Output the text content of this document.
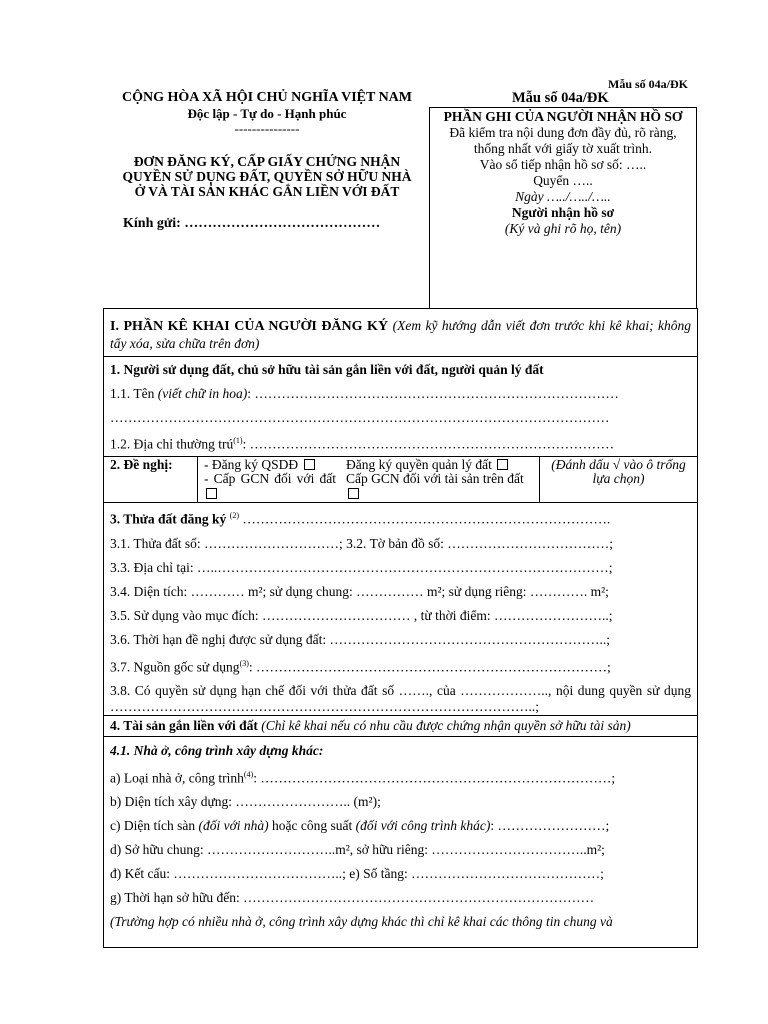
Mẫu số 04a/ĐK
CỘNG HÒA XÃ HỘI CHỦ NGHĨA VIỆT NAM
Độc lập - Tự do - Hạnh phúc
---------------
ĐƠN ĐĂNG KÝ, CẤP GIẤY CHỨNG NHẬN
QUYỀN SỬ DỤNG ĐẤT, QUYỀN SỞ HỮU NHÀ
Ở VÀ TÀI SẢN KHÁC GẮN LIỀN VỚI ĐẤT
Kính gửi: ……………………………………
Mẫu số 04a/ĐK
PHẦN GHI CỦA NGƯỜI NHẬN HỒ SƠ
Đã kiểm tra nội dung đơn đầy đủ, rõ ràng, thống nhất với giấy tờ xuất trình.
Vào sổ tiếp nhận hồ sơ số: …..
Quyển …..
Ngày …../…../…..
Người nhận hồ sơ
(Ký và ghi rõ họ, tên)
I. PHẦN KÊ KHAI CỦA NGƯỜI ĐĂNG KÝ (Xem kỹ hướng dẫn viết đơn trước khi kê khai; không tẩy xóa, sửa chữa trên đơn)
1. Người sử dụng đất, chủ sở hữu tài sản gắn liền với đất, người quản lý đất
1.1. Tên (viết chữ in hoa): ………………………………………………………………………
…………………………………………………………………………………………………
1.2. Địa chỉ thường trú$^{(1)}$: ………………………………………………………………………
2. Đề nghị:	- Đăng ký QSDĐ
- Cấp GCN đối với đất
Đăng ký quyền quản lý đất
Cấp GCN đối với tài sản trên đất
(Đánh dấu √ vào ô trống lựa chọn)
3. Thửa đất đăng ký $^{(2)}$ ……………………………………………………………………….
3.1. Thửa đất số: …………………………; 3.2. Tờ bản đồ số: ………………………………;
3.3. Địa chỉ tại: …..……………………………………………………………………………;
3.4. Diện tích: ………… m²; sử dụng chung: …………… m²; sử dụng riêng: …………. m²;
3.5. Sử dụng vào mục đích: …………………………… , từ thời điểm: ……………………..;
3.6. Thời hạn đề nghị được sử dụng đất: ……………………………………………………..;
3.7. Nguồn gốc sử dụng$^{(3)}$: ……………………………………………………………………;
3.8. Có quyền sử dụng hạn chế đối với thửa đất số ……., của ……………….., nội dung quyền sử dụng …………………………………………………………………………………..;
4. Tài sản gắn liền với đất (Chỉ kê khai nếu có nhu cầu được chứng nhận quyền sở hữu tài sản)
4.1. Nhà ở, công trình xây dựng khác:
a) Loại nhà ở, công trình$^{(4)}$: ……………………………………………………………………;
b) Diện tích xây dựng: …………………….. (m²);
c) Diện tích sàn (đối với nhà) hoặc công suất (đối với công trình khác): ……………………;
d) Sở hữu chung: ………………………..m², sở hữu riêng: ……………………………..m²;
đ) Kết cấu: ………………………………..; e) Số tầng: ……………………………………;
g) Thời hạn sở hữu đến: ……………………………………………………………………
(Trường hợp có nhiều nhà ở, công trình xây dựng khác thì chỉ kê khai các thông tin chung và
